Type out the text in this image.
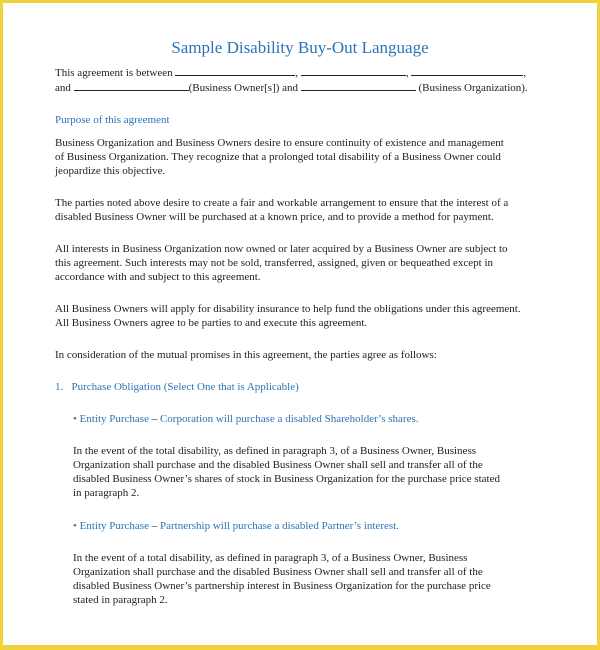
Sample Disability Buy-Out Language
This agreement is between	,	,	,
and	(Business Owner[s]) and	(Business Organization).
Purpose of this agreement
Business Organization and Business Owners desire to ensure continuity of existence and management
of Business Organization. They recognize that a prolonged total disability of a Business Owner could
jeopardize this objective.
The parties noted above desire to create a fair and workable arrangement to ensure that the interest of a
disabled Business Owner will be purchased at a known price, and to provide a method for payment.
All interests in Business Organization now owned or later acquired by a Business Owner are subject to
this agreement. Such interests may not be sold, transferred, assigned, given or bequeathed except in
accordance with and subject to this agreement.
All Business Owners will apply for disability insurance to help fund the obligations under this agreement.
All Business Owners agree to be parties to and execute this agreement.
In consideration of the mutual promises in this agreement, the parties agree as follows:
1. Purchase Obligation (Select One that is Applicable)
• Entity Purchase – Corporation will purchase a disabled Shareholder’s shares.
In the event of the total disability, as defined in paragraph 3, of a Business Owner, Business
Organization shall purchase and the disabled Business Owner shall sell and transfer all of the
disabled Business Owner’s shares of stock in Business Organization for the purchase price stated
in paragraph 2.
• Entity Purchase – Partnership will purchase a disabled Partner’s interest.
In the event of a total disability, as defined in paragraph 3, of a Business Owner, Business
Organization shall purchase and the disabled Business Owner shall sell and transfer all of the
disabled Business Owner’s partnership interest in Business Organization for the purchase price
stated in paragraph 2.
